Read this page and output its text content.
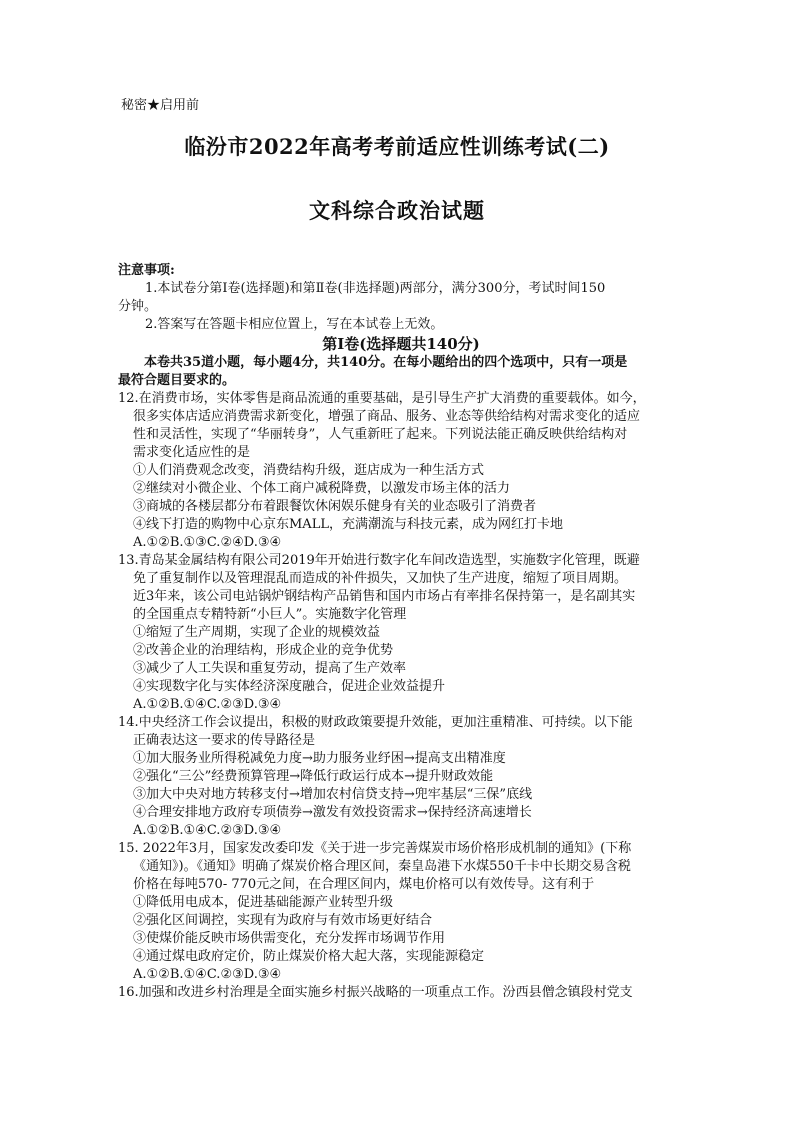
秘密★启用前
临汾市2022年高考考前适应性训练考试(二)
文科综合政治试题
注意事项:
1.本试卷分第Ⅰ卷(选择题)和第Ⅱ卷(非选择题)两部分，满分300分，考试时间150
分钟。
2.答案写在答题卡相应位置上，写在本试卷上无效。
第Ⅰ卷(选择题共140分)
本卷共35道小题，每小题4分，共140分。在每小题给出的四个选项中，只有一项是
最符合题目要求的。
12.在消费市场，实体零售是商品流通的重要基础，是引导生产扩大消费的重要载体。如今，
很多实体店适应消费需求新变化，增强了商品、服务、业态等供给结构对需求变化的适应
性和灵活性，实现了“华丽转身”，人气重新旺了起来。下列说法能正确反映供给结构对
需求变化适应性的是
①人们消费观念改变，消费结构升级，逛店成为一种生活方式
②继续对小微企业、个体工商户减税降费，以激发市场主体的活力
③商城的各楼层都分布着跟餐饮休闲娱乐健身有关的业态吸引了消费者
④线下打造的购物中心京东MALL，充满潮流与科技元素，成为网红打卡地
A.①②B.①③C.②④D.③④
13.青岛某金属结构有限公司2019年开始进行数字化车间改造选型，实施数字化管理，既避
免了重复制作以及管理混乱而造成的补件损失，又加快了生产进度，缩短了项目周期。
近3年来，该公司电站锅炉钢结构产品销售和国内市场占有率排名保持第一，是名副其实
的全国重点专精特新“小巨人”。实施数字化管理
①缩短了生产周期，实现了企业的规模效益
②改善企业的治理结构，形成企业的竞争优势
③减少了人工失误和重复劳动，提高了生产效率
④实现数字化与实体经济深度融合，促进企业效益提升
A.①②B.①④C.②③D.③④
14.中央经济工作会议提出，积极的财政政策要提升效能，更加注重精准、可持续。以下能
正确表达这一要求的传导路径是
①加大服务业所得税减免力度→助力服务业纾困→提高支出精准度
②强化“三公”经费预算管理→降低行政运行成本→提升财政效能
③加大中央对地方转移支付→增加农村信贷支持→兜牢基层“三保”底线
④合理安排地方政府专项债券→激发有效投资需求→保持经济高速增长
A.①②B.①④C.②③D.③④
15. 2022年3月，国家发改委印发《关于进一步完善煤炭市场价格形成机制的通知》(下称
《通知》)。《通知》明确了煤炭价格合理区间，秦皇岛港下水煤550千卡中长期交易含税
价格在每吨570- 770元之间，在合理区间内，煤电价格可以有效传导。这有利于
①降低用电成本，促进基础能源产业转型升级
②强化区间调控，实现有为政府与有效市场更好结合
③使煤价能反映市场供需变化，充分发挥市场调节作用
④通过煤电政府定价，防止煤炭价格大起大落，实现能源稳定
A.①②B.①④C.②③D.③④
16.加强和改进乡村治理是全面实施乡村振兴战略的一项重点工作。汾西县僧念镇段村党支
